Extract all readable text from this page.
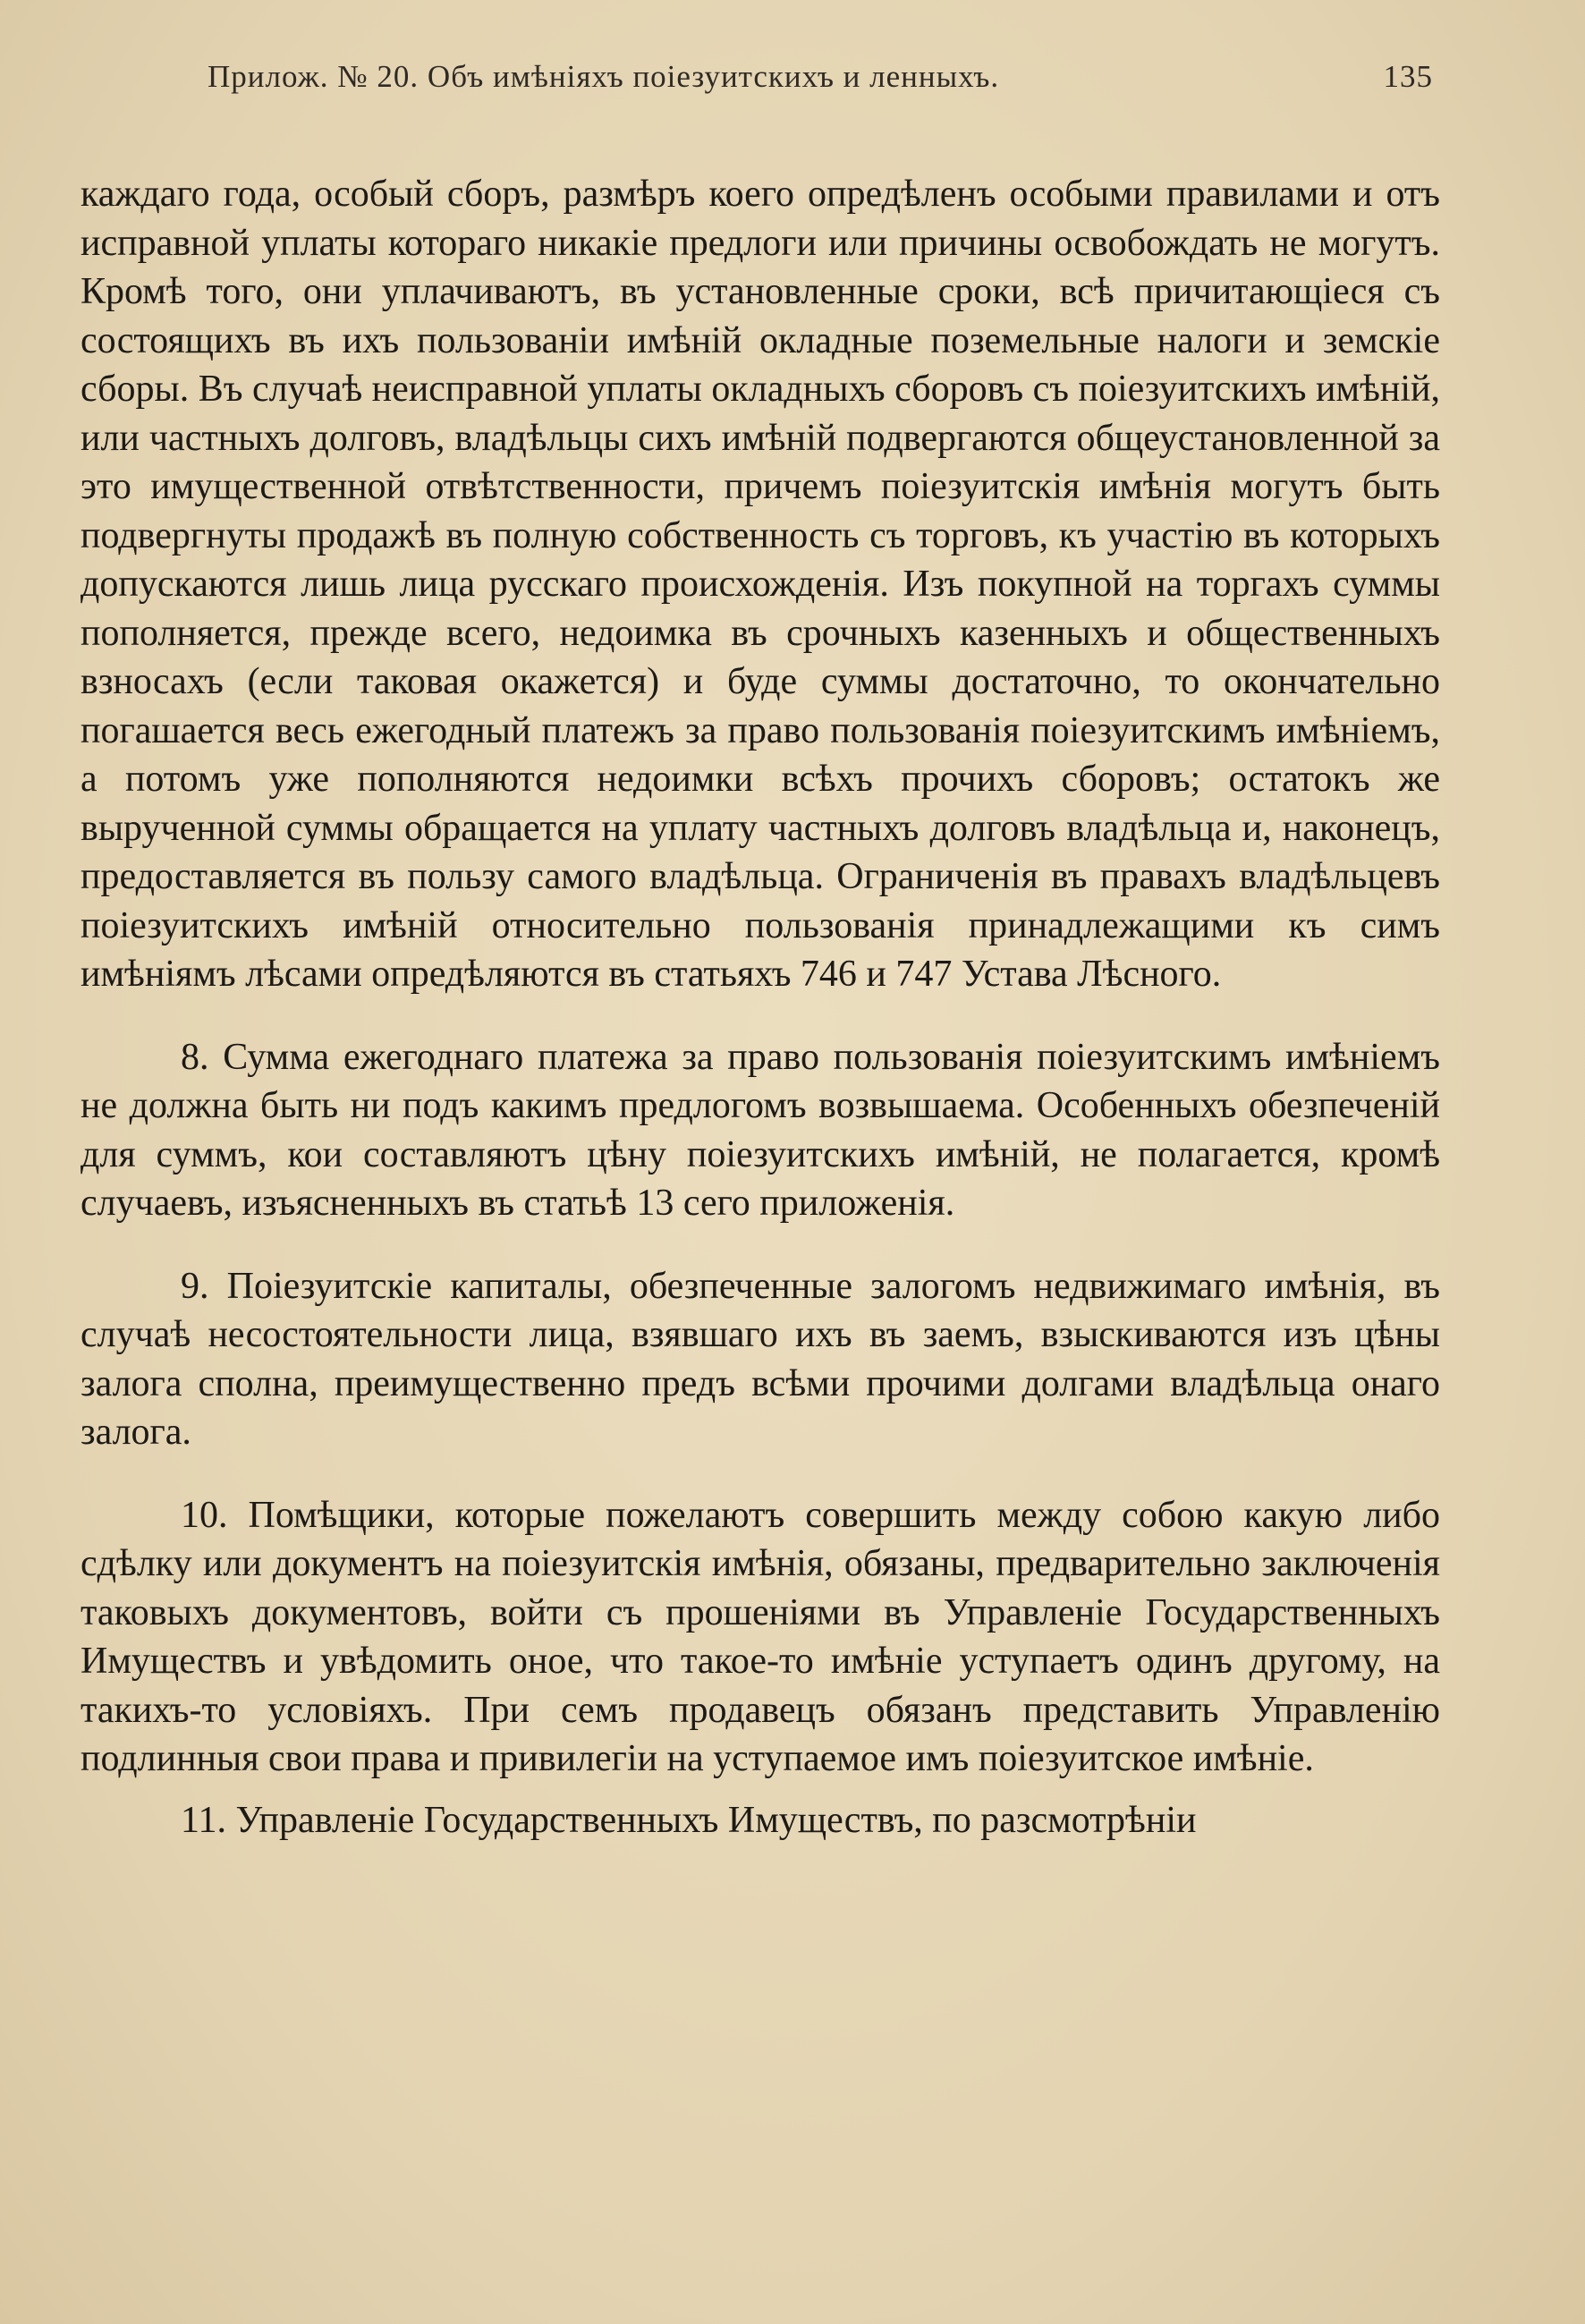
Прилож. № 20. Объ имѣніяхъ поіезуитскихъ и ленныхъ.	135

каждаго года, особый сборъ, размѣръ коего опредѣленъ особыми правилами и отъ исправной уплаты котораго никакіе предлоги или причины освобождать не могутъ. Кромѣ того, они уплачиваютъ, въ установленные сроки, всѣ причитающіеся съ состоящихъ въ ихъ пользованіи имѣній окладные поземельные налоги и земскіе сборы. Въ случаѣ неисправной уплаты окладныхъ сборовъ съ поіезуитскихъ имѣній, или частныхъ долговъ, владѣльцы сихъ имѣній подвергаются общеустановленной за это имущественной отвѣтственности, причемъ поіезуитскія имѣнія могутъ быть подвергнуты продажѣ въ полную собственность съ торговъ, къ участію въ которыхъ допускаются лишь лица русскаго происхожденія. Изъ покупной на торгахъ суммы пополняется, прежде всего, недоимка въ срочныхъ казенныхъ и общественныхъ взносахъ (если таковая окажется) и буде суммы достаточно, то окончательно погашается весь ежегодный платежъ за право пользованія поіезуитскимъ имѣніемъ, а потомъ уже пополняются недоимки всѣхъ прочихъ сборовъ; остатокъ же вырученной суммы обращается на уплату частныхъ долговъ владѣльца и, наконецъ, предоставляется въ пользу самого владѣльца. Ограниченія въ правахъ владѣльцевъ поіезуитскихъ имѣній относительно пользованія принадлежащими къ симъ имѣніямъ лѣсами опредѣляются въ статьяхъ 746 и 747 Устава Лѣсного.

8. Сумма ежегоднаго платежа за право пользованія поіезуитскимъ имѣніемъ не должна быть ни подъ какимъ предлогомъ возвышаема. Особенныхъ обезпеченій для суммъ, кои составляютъ цѣну поіезуитскихъ имѣній, не полагается, кромѣ случаевъ, изъясненныхъ въ статьѣ 13 сего приложенія.

9. Поіезуитскіе капиталы, обезпеченные залогомъ недвижимаго имѣнія, въ случаѣ несостоятельности лица, взявшаго ихъ въ заемъ, взыскиваются изъ цѣны залога сполна, преимущественно предъ всѣми прочими долгами владѣльца онаго залога.

10. Помѣщики, которые пожелаютъ совершить между собою какую либо сдѣлку или документъ на поіезуитскія имѣнія, обязаны, предварительно заключенія таковыхъ документовъ, войти съ прошеніями въ Управленіе Государственныхъ Имуществъ и увѣдомить оное, что такое-то имѣніе уступаетъ одинъ другому, на такихъ-то условіяхъ. При семъ продавецъ обязанъ представить Управленію подлинныя свои права и привилегіи на уступаемое имъ поіезуитское имѣніе.

11. Управленіе Государственныхъ Имуществъ, по разсмотрѣніи
